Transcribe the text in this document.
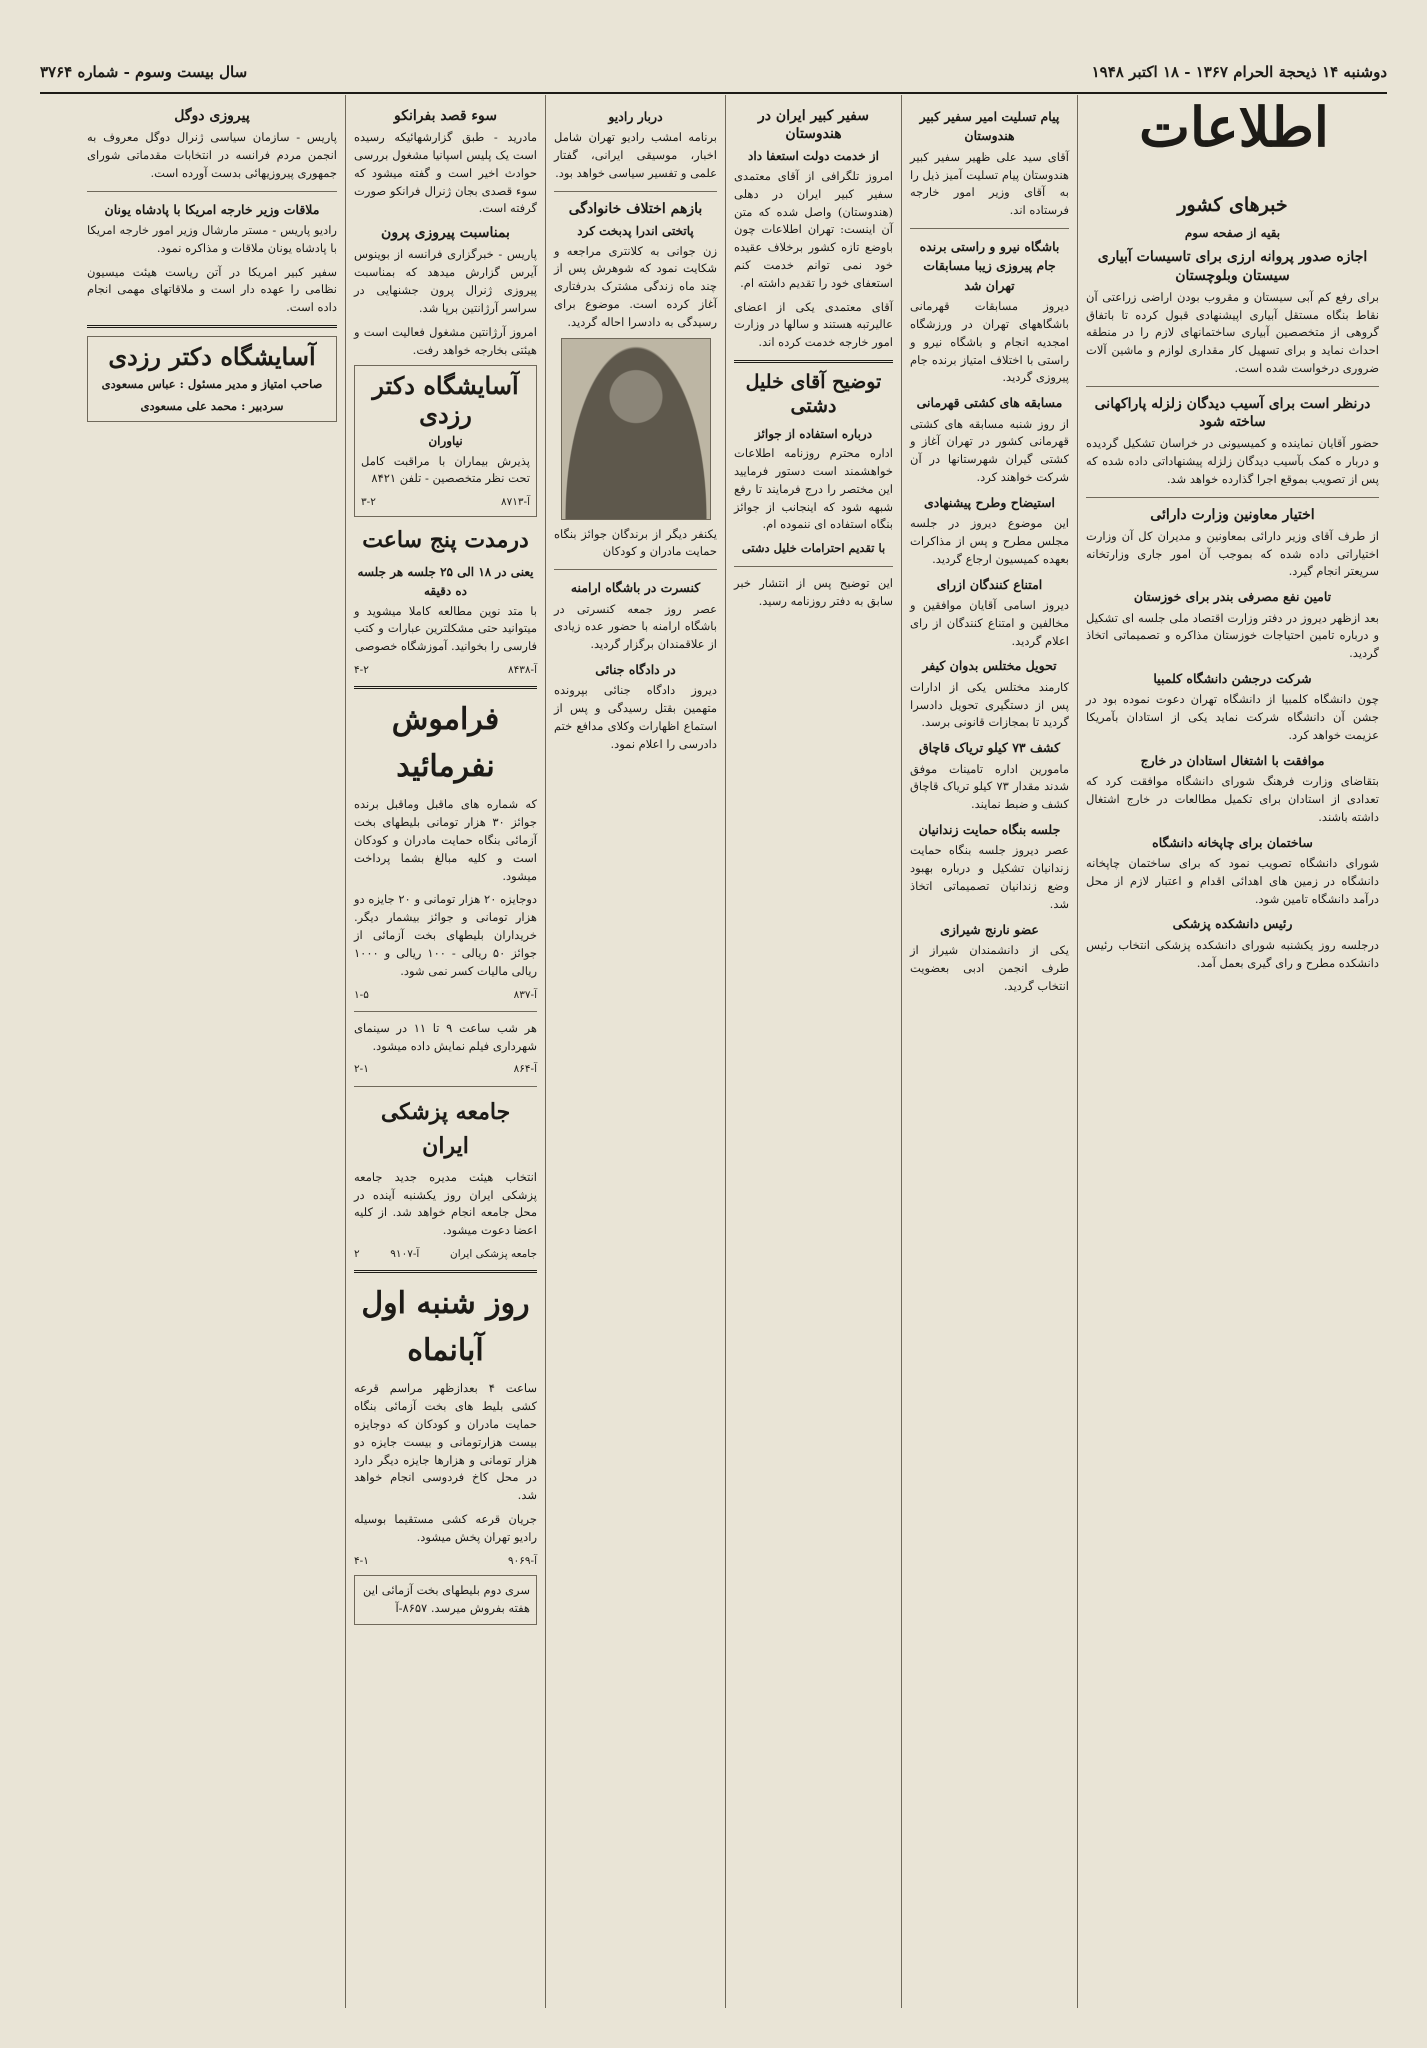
سال بیست وسوم - شماره ۳۷۶۴	دوشنبه ۱۴ ذیحجة الحرام ۱۳۶۷ - ۱۸ اکتبر ۱۹۴۸
اطلاعات
خبرهای کشور
بقیه از صفحه سوم
اجازه صدور پروانه ارزی برای تاسیسات آبیاری سیستان وبلوچستان

برای رفع کم آبی سیستان و مقروب بودن اراضی زراعتی آن نقاط بنگاه مستقل آبیاری اپیشنهادی قبول کرده تا باتفاق گروهی از متخصصین آبیاری ساختمانهای لازم را در منطقه احداث نماید و برای تسهیل کار مقداری لوازم و ماشین آلات ضروری درخواست شده است.

درنظر است برای آسیب دیدگان زلزله پاراکهانی ساخته شود

حضور آقایان نماینده و کمیسیونی در خراسان تشکیل گردیده و دربار ه کمک بآسیب دیدگان زلزله پیشنهاداتی داده شده که پس از تصویب بموقع اجرا گذارده خواهد شد.

اختیار معاونین وزارت دارائی

از طرف آقای وزیر دارائی بمعاونین و مدیران کل آن وزارت اختیاراتی داده شده که بموجب آن امور جاری وزارتخانه سریعتر انجام گیرد.

تامین نفع مصرفی بندر برای خوزستان

بعد ازظهر دیروز در دفتر وزارت اقتصاد ملی جلسه ای تشکیل و درباره تامین احتیاجات خوزستان مذاکره و تصمیماتی اتخاذ گردید.

شرکت درجشن دانشگاه کلمبیا

چون دانشگاه کلمبیا از دانشگاه تهران دعوت نموده بود در جشن آن دانشگاه شرکت نماید یکی از استادان بآمریکا عزیمت خواهد کرد.

موافقت با اشتغال استادان در خارج

بتقاضای وزارت فرهنگ شورای دانشگاه موافقت کرد که تعدادی از استادان برای تکمیل مطالعات در خارج اشتغال داشته باشند.

ساختمان برای چاپخانه دانشگاه

شورای دانشگاه تصویب نمود که برای ساختمان چاپخانه دانشگاه در زمین های اهدائی اقدام و اعتبار لازم از محل درآمد دانشگاه تامین شود.

رئیس دانشکده پزشکی

درجلسه روز یکشنبه شورای دانشکده پزشکی انتخاب رئیس دانشکده مطرح و رای گیری بعمل آمد.

پیام تسلیت امیر سفیر کبیر هندوستان

آقای سید علی ظهیر سفیر کبیر هندوستان پیام تسلیت آمیز ذیل را به آقای وزیر امور خارجه فرستاده اند.

باشگاه نیرو و راستی برنده جام پیروزی زیبا مسابقات تهران شد

دیروز مسابقات قهرمانی باشگاههای تهران در ورزشگاه امجدیه انجام و باشگاه نیرو و راستی با اختلاف امتیاز برنده جام پیروزی گردید.

مسابقه های کشتی قهرمانی

از روز شنبه مسابقه های کشتی قهرمانی کشور در تهران آغاز و کشتی گیران شهرستانها در آن شرکت خواهند کرد.

استیضاح وطرح پیشنهادی

این موضوع دیروز در جلسه مجلس مطرح و پس از مذاکرات بعهده کمیسیون ارجاع گردید.

امتناع کنندگان ازرای

دیروز اسامی آقایان موافقین و مخالفین و امتناع کنندگان از رای اعلام گردید.

تحویل مختلس بدوان کیفر

کارمند مختلس یکی از ادارات پس از دستگیری تحویل دادسرا گردید تا بمجازات قانونی برسد.

کشف ۷۳ کیلو تریاک قاچاق

مامورین اداره تامینات موفق شدند مقدار ۷۳ کیلو تریاک قاچاق کشف و ضبط نمایند.

جلسه بنگاه حمایت زندانیان

عصر دیروز جلسه بنگاه حمایت زندانیان تشکیل و درباره بهبود وضع زندانیان تصمیماتی اتخاذ شد.

عضو نارنج شیرازی

یکی از دانشمندان شیراز از طرف انجمن ادبی بعضویت انتخاب گردید.

سفیر کبیر ایران در هندوستان
از خدمت دولت استعفا داد

امروز تلگرافی از آقای معتمدی سفیر کبیر ایران در دهلی (هندوستان) واصل شده که متن آن اینست: تهران اطلاعات چون باوضع تازه کشور برخلاف عقیده خود نمی توانم خدمت کنم استعفای خود را تقدیم داشته ام.

آقای معتمدی یکی از اعضای عالیرتبه هستند و سالها در وزارت امور خارجه خدمت کرده اند.

توضیح آقای خلیل دشتی
درباره استفاده از جوائز

اداره محترم روزنامه اطلاعات خواهشمند است دستور فرمایید این مختصر را درج فرمایند تا رفع شبهه شود که اینجانب از جوائز بنگاه استفاده ای ننموده ام.

با تقدیم احترامات خلیل دشتی

این توضیح پس از انتشار خبر سابق به دفتر روزنامه رسید.

دربار رادیو

برنامه امشب رادیو تهران شامل اخبار، موسیقی ایرانی، گفتار علمی و تفسیر سیاسی خواهد بود.

بازهم اختلاف خانوادگی
پاتختی اندرا پدبخت کرد

زن جوانی به کلانتری مراجعه و شکایت نمود که شوهرش پس از چند ماه زندگی مشترک بدرفتاری آغاز کرده است. موضوع برای رسیدگی به دادسرا احاله گردید.

یکنفر دیگر از برندگان جوائز بنگاه حمایت مادران و کودکان

کنسرت در باشگاه ارامنه

عصر روز جمعه کنسرتی در باشگاه ارامنه با حضور عده زیادی از علاقمندان برگزار گردید.

در دادگاه جنائی

دیروز دادگاه جنائی بپرونده متهمین بقتل رسیدگی و پس از استماع اظهارات وکلای مدافع ختم دادرسی را اعلام نمود.

سوء قصد بفرانکو

مادرید - طبق گزارشهائیکه رسیده است یک پلیس اسپانیا مشغول بررسی حوادث اخیر است و گفته میشود که سوء قصدی بجان ژنرال فرانکو صورت گرفته است.

بمناسبت پیروزی پرون

پاریس - خبرگزاری فرانسه از بوینوس آیرس گزارش میدهد که بمناسبت پیروزی ژنرال پرون جشنهایی در سراسر آرژانتین برپا شد.

امروز آرژانتین مشغول فعالیت است و هیئتی بخارجه خواهد رفت.

آسایشگاه دکتر رزدی
نیاوران

پذیرش بیماران با مراقبت کامل تحت نظر متخصصین - تلفن ۸۴۲۱

آ-۸۷۱۳
۳-۲
درمدت پنج ساعت
یعنی در ۱۸ الی ۲۵ جلسه هر جلسه ده دقیقه

با متد نوین مطالعه کاملا میشوید و میتوانید حتی مشکلترین عبارات و کتب فارسی را بخوانید. آموزشگاه خصوصی

آ-۸۴۳۸
۴-۲
فراموش نفرمائید

که شماره های ماقبل وماقبل برنده جوائز ۳۰ هزار تومانی بلیطهای بخت آزمائی بنگاه حمایت مادران و کودکان است و کلیه مبالغ بشما پرداخت میشود.

دوجایزه ۲۰ هزار تومانی و ۲۰ جایزه دو هزار تومانی و جوائز بیشمار دیگر. خریداران بلیطهای بخت آزمائی از جوائز ۵۰ ریالی - ۱۰۰ ریالی و ۱۰۰۰ ریالی مالیات کسر نمی شود.

آ-۸۳۷
۱-۵

هر شب ساعت ۹ تا ۱۱ در سینمای شهرداری فیلم نمایش داده میشود.

آ-۸۶۴
۲-۱
جامعه پزشکی ایران

انتخاب هیئت مدیره جدید جامعه پزشکی ایران روز یکشنبه آینده در محل جامعه انجام خواهد شد. از کلیه اعضا دعوت میشود.

جامعه پزشکی ایران
آ-۹۱۰۷
۲
روز شنبه اول آبانماه

ساعت ۴ بعدازظهر مراسم قرعه کشی بلیط های بخت آزمائی بنگاه حمایت مادران و کودکان که دوجایزه بیست هزارتومانی و بیست جایزه دو هزار تومانی و هزارها جایزه دیگر دارد در محل کاخ فردوسی انجام خواهد شد.

جریان قرعه کشی مستقیما بوسیله رادیو تهران پخش میشود.

آ-۹۰۶۹
۴-۱
سری دوم بلیطهای بخت آزمائی این هفته بفروش میرسد. ۸۶۵۷-آ
پیروزی دوگل

پاریس - سازمان سیاسی ژنرال دوگل معروف به انجمن مردم فرانسه در انتخابات مقدماتی شورای جمهوری پیروزیهائی بدست آورده است.

ملاقات وزیر خارجه امریکا با پادشاه یونان

رادیو پاریس - مستر مارشال وزیر امور خارجه امریکا با پادشاه یونان ملاقات و مذاکره نمود.

سفیر کبیر امریکا در آتن ریاست هیئت میسیون نظامی را عهده دار است و ملاقاتهای مهمی انجام داده است.

آسایشگاه دکتر رزدی
صاحب امتیاز و مدیر مسئول : عباس مسعودی
سردبیر : محمد علی مسعودی
